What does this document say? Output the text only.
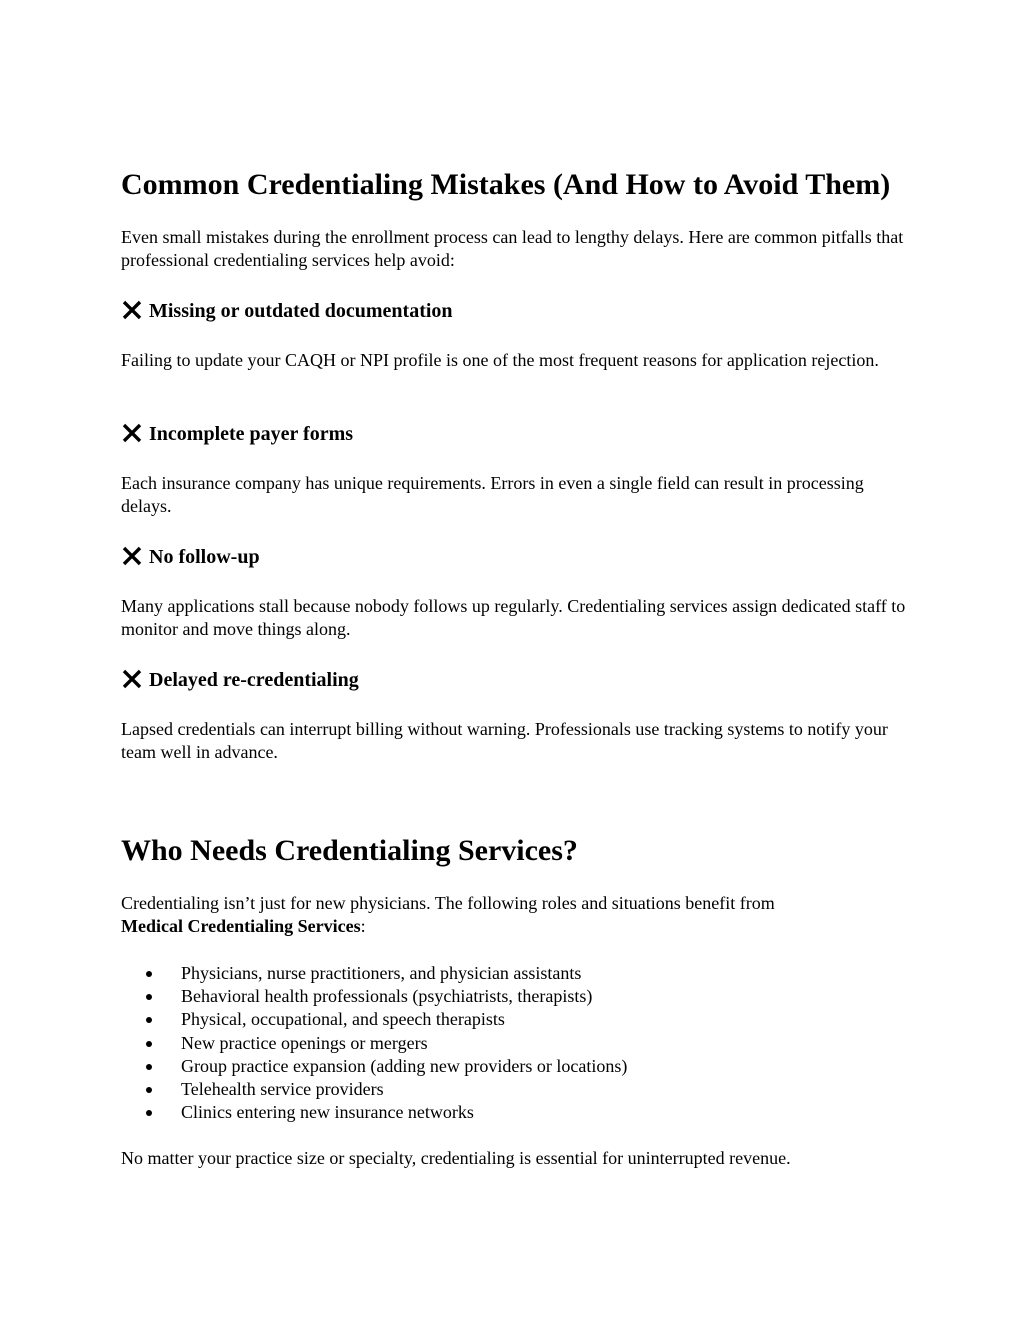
Common Credentialing Mistakes (And How to Avoid Them)

Even small mistakes during the enrollment process can lead to lengthy delays. Here are common pitfalls that professional credentialing services help avoid:

Missing or outdated documentation

Failing to update your CAQH or NPI profile is one of the most frequent reasons for application rejection.

Incomplete payer forms

Each insurance company has unique requirements. Errors in even a single field can result in processing delays.

No follow-up

Many applications stall because nobody follows up regularly. Credentialing services assign dedicated staff to monitor and move things along.

Delayed re-credentialing

Lapsed credentials can interrupt billing without warning. Professionals use tracking systems to notify your team well in advance.

Who Needs Credentialing Services?

Credentialing isn’t just for new physicians. The following roles and situations benefit from
Medical Credentialing Services:

Physicians, nurse practitioners, and physician assistants
Behavioral health professionals (psychiatrists, therapists)
Physical, occupational, and speech therapists
New practice openings or mergers
Group practice expansion (adding new providers or locations)
Telehealth service providers
Clinics entering new insurance networks

No matter your practice size or specialty, credentialing is essential for uninterrupted revenue.
